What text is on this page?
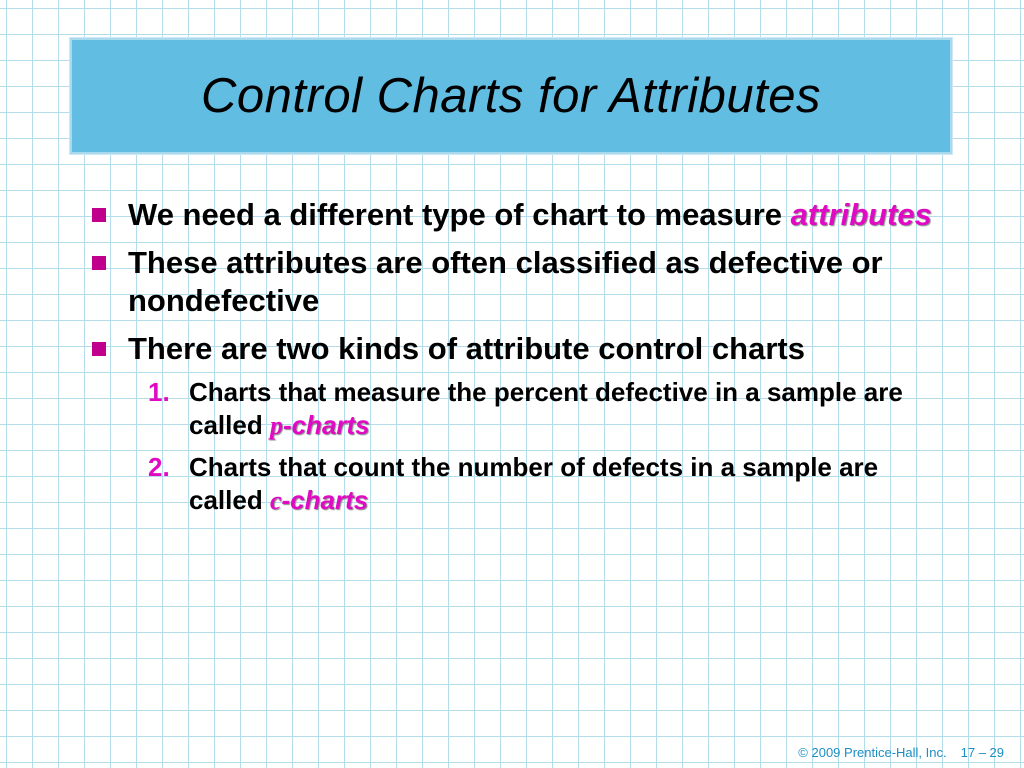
Control Charts for Attributes
We need a different type of chart to measure attributes
These attributes are often classified as defective or nondefective
There are two kinds of attribute control charts
1. Charts that measure the percent defective in a sample are called p-charts
2. Charts that count the number of defects in a sample are called c-charts
© 2009 Prentice-Hall, Inc. 17 – 29
